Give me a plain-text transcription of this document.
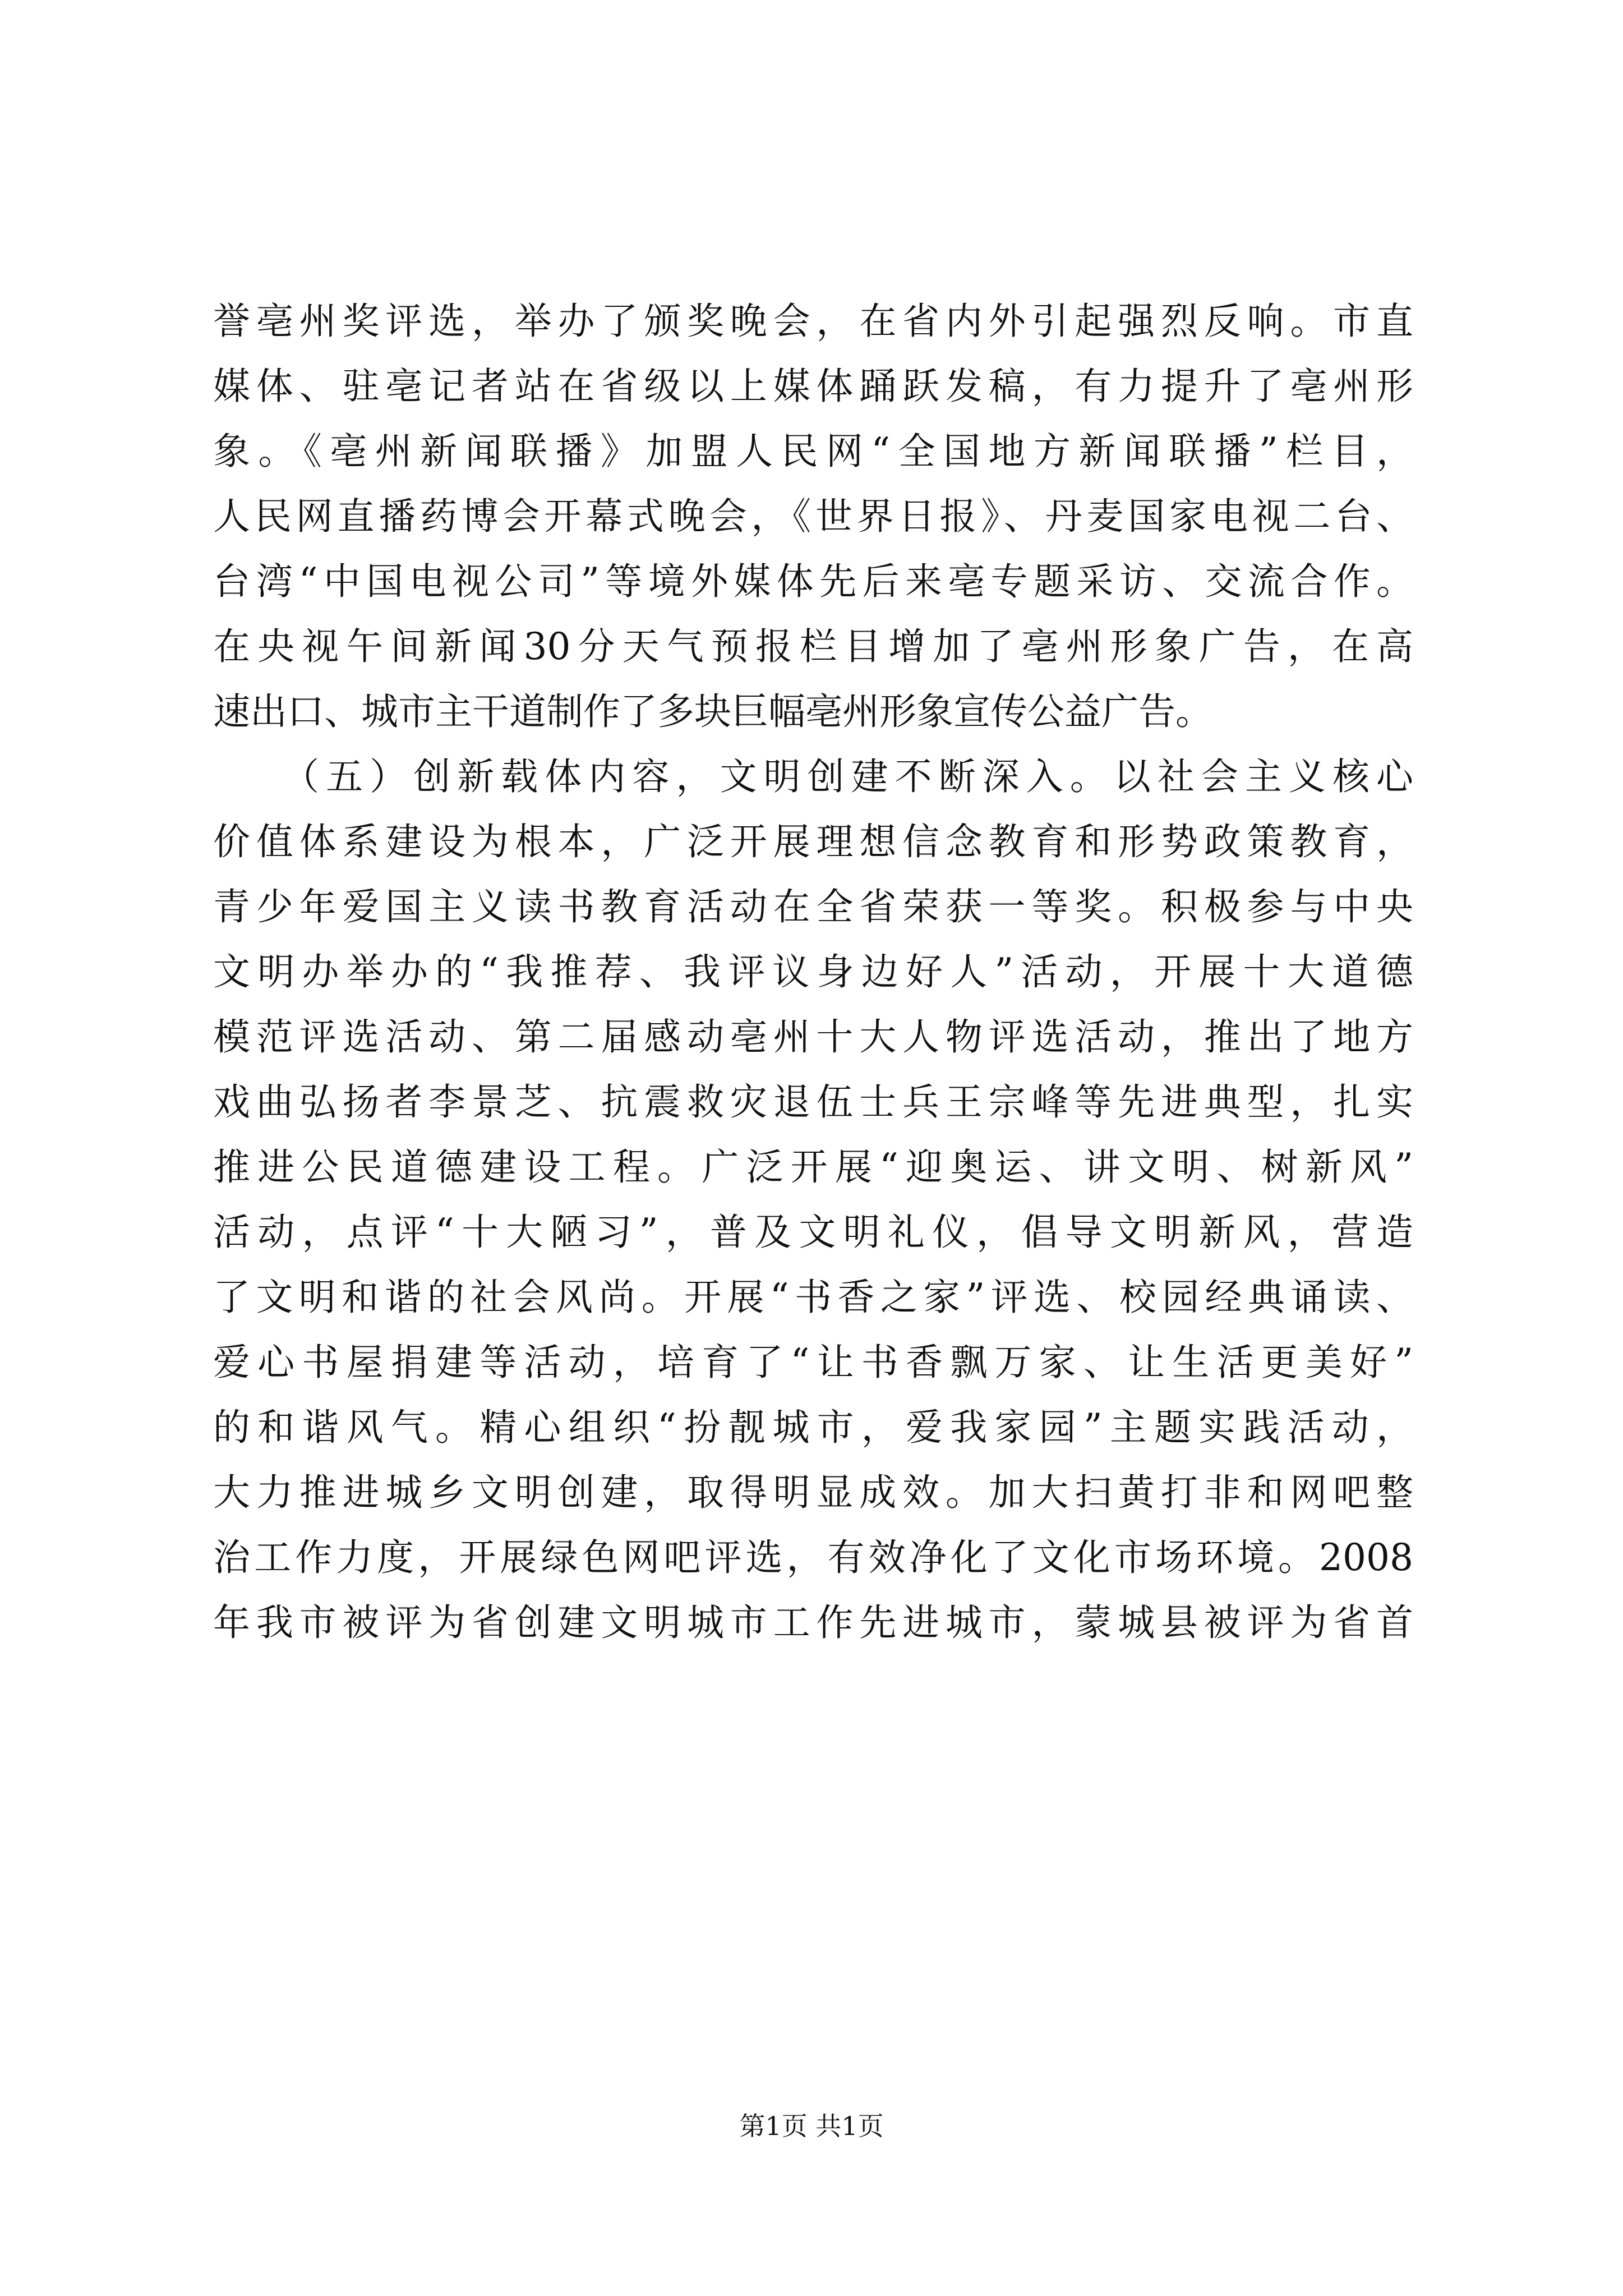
誉亳州奖评选，举办了颁奖晚会，在省内外引起强烈反响。市直
媒体、驻亳记者站在省级以上媒体踊跃发稿，有力提升了亳州形
象。《亳州新闻联播》加盟人民网“全国地方新闻联播”栏目，
人民网直播药博会开幕式晚会，《世界日报》、丹麦国家电视二台、
台湾“中国电视公司”等境外媒体先后来亳专题采访、交流合作。
在央视午间新闻30分天气预报栏目增加了亳州形象广告，在高
速出口、城市主干道制作了多块巨幅亳州形象宣传公益广告。
　　（五）创新载体内容，文明创建不断深入。以社会主义核心
价值体系建设为根本，广泛开展理想信念教育和形势政策教育，
青少年爱国主义读书教育活动在全省荣获一等奖。积极参与中央
文明办举办的“我推荐、我评议身边好人”活动，开展十大道德
模范评选活动、第二届感动亳州十大人物评选活动，推出了地方
戏曲弘扬者李景芝、抗震救灾退伍士兵王宗峰等先进典型，扎实
推进公民道德建设工程。广泛开展“迎奥运、讲文明、树新风”
活动，点评“十大陋习”，普及文明礼仪，倡导文明新风，营造
了文明和谐的社会风尚。开展“书香之家”评选、校园经典诵读、
爱心书屋捐建等活动，培育了“让书香飘万家、让生活更美好”
的和谐风气。精心组织“扮靓城市，爱我家园”主题实践活动，
大力推进城乡文明创建，取得明显成效。加大扫黄打非和网吧整
治工作力度，开展绿色网吧评选，有效净化了文化市场环境。2008
年我市被评为省创建文明城市工作先进城市，蒙城县被评为省首
第1页 共1页
